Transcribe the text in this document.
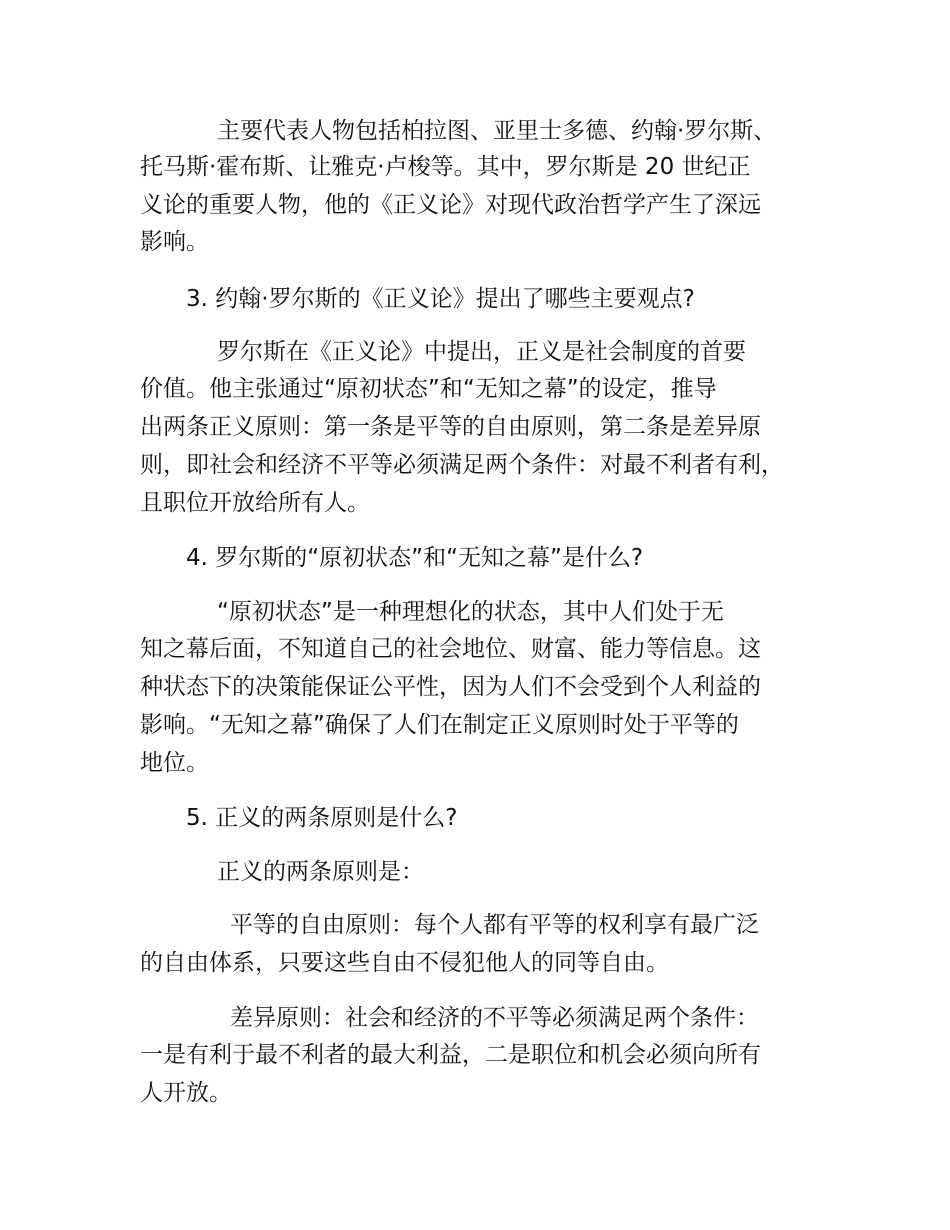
主要代表人物包括柏拉图、亚里士多德、约翰·罗尔斯、

托马斯·霍布斯、让雅克·卢梭等。其中，罗尔斯是 20 世纪正

义论的重要人物，他的《正义论》对现代政治哲学产生了深远

影响。

3. 约翰·罗尔斯的《正义论》提出了哪些主要观点?

罗尔斯在《正义论》中提出，正义是社会制度的首要

价值。他主张通过“原初状态”和“无知之幕”的设定，推导

出两条正义原则：第一条是平等的自由原则，第二条是差异原

则，即社会和经济不平等必须满足两个条件：对最不利者有利，

且职位开放给所有人。

4. 罗尔斯的“原初状态”和“无知之幕”是什么?

“原初状态”是一种理想化的状态，其中人们处于无

知之幕后面，不知道自己的社会地位、财富、能力等信息。这

种状态下的决策能保证公平性，因为人们不会受到个人利益的

影响。“无知之幕”确保了人们在制定正义原则时处于平等的

地位。

5. 正义的两条原则是什么?

正义的两条原则是：

平等的自由原则：每个人都有平等的权利享有最广泛

的自由体系，只要这些自由不侵犯他人的同等自由。

差异原则：社会和经济的不平等必须满足两个条件：

一是有利于最不利者的最大利益，二是职位和机会必须向所有

人开放。
